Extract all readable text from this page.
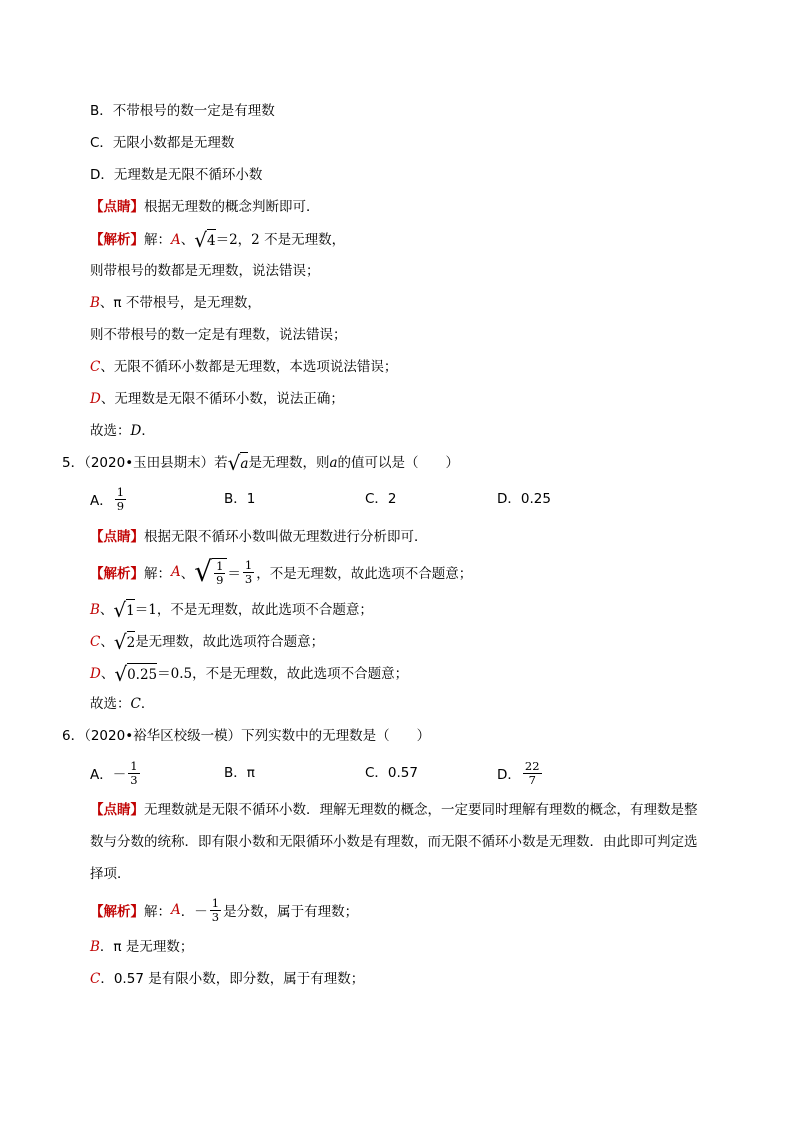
B．不带根号的数一定是有理数
C．无限小数都是无理数
D．无理数是无限不循环小数
【点睛】根据无理数的概念判断即可．
【解析】解：A、 √ 4 ＝2，2 不是无理数，
则带根号的数都是无理数，说法错误；
B、π 不带根号，是无理数，
则不带根号的数一定是有理数，说法错误；
C、无限不循环小数都是无理数，本选项说法错误；
D、无理数是无限不循环小数，说法正确；
故选：D．
5．（2020•玉田县期末）若 √ a 是无理数，则a的值可以是（　　）
A． $\frac{1}{9}$	B．1	C．2	D．0.25
【点睛】根据无限不循环小数叫做无理数进行分析即可．
【解析】 解： A 、 √ $\frac{1}{9} = \frac{1}{3}$ ，不是无理数，故此选项不合题意；
B、 √ 1 ＝1，不是无理数，故此选项不合题意；
C、 √ 2 是无理数，故此选项符合题意；
D、 √ 0.25 ＝0.5，不是无理数，故此选项不合题意；
故选：C．
6．（2020•裕华区校级一模）下列实数中的无理数是（　　）
A．－ $\frac{1}{3}$	B．π	C．0.57	D． $\frac{22}{7}$
【点睛】无理数就是无限不循环小数．理解无理数的概念，一定要同时理解有理数的概念，有理数是整
数与分数的统称．即有限小数和无限循环小数是有理数，而无限不循环小数是无理数．由此即可判定选
择项．
【解析】 解： A ．－ $\frac{1}{3}$ 是分数，属于有理数；
B．π 是无理数；
C．0.57 是有限小数，即分数，属于有理数；
